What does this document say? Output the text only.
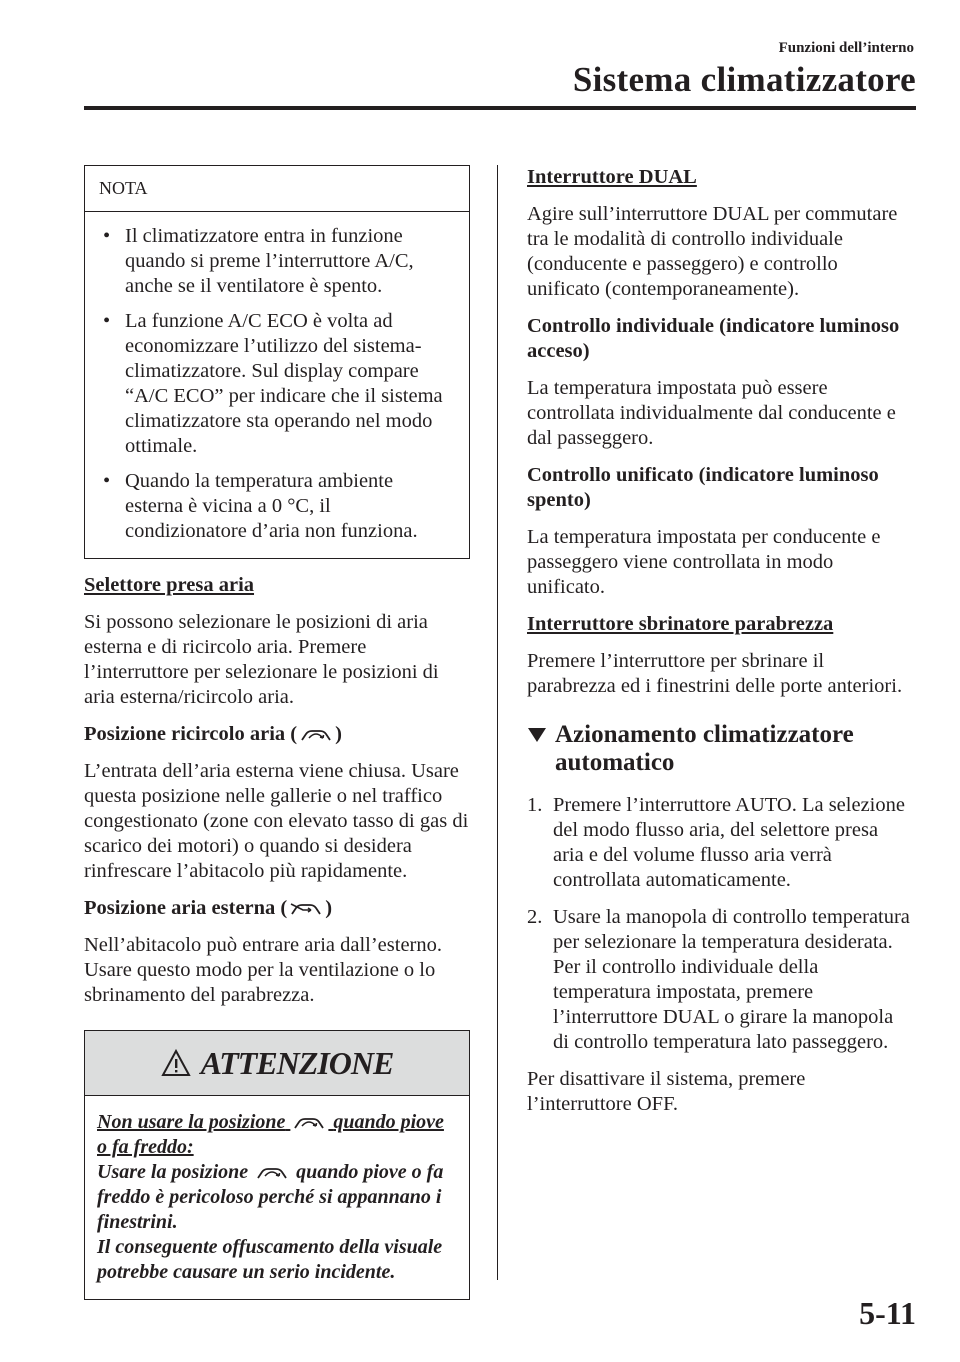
Funzioni dell’interno
Sistema climatizzatore
NOTA
• Il climatizzatore entra in funzione quando si preme l’interruttore A/C, anche se il ventilatore è spento.
• La funzione A/C ECO è volta ad economizzare l’utilizzo del sistema-climatizzatore. Sul display compare “A/C ECO” per indicare che il sistema climatizzatore sta operando nel modo ottimale.
• Quando la temperatura ambiente esterna è vicina a 0 °C, il condizionatore d’aria non funziona.

Selettore presa aria

Si possono selezionare le posizioni di aria esterna e di ricircolo aria. Premere l’interruttore per selezionare le posizioni di aria esterna/ricircolo aria.

Posizione ricircolo aria ( )

L’entrata dell’aria esterna viene chiusa. Usare questa posizione nelle gallerie o nel traffico congestionato (zone con elevato tasso di gas di scarico dei motori) o quando si desidera rinfrescare l’abitacolo più rapidamente.

Posizione aria esterna ( )

Nell’abitacolo può entrare aria dall’esterno. Usare questo modo per la ventilazione o lo sbrinamento del parabrezza.

ATTENZIONE
Non usare la posizione quando piove o fa freddo:
Usare la posizione quando piove o fa freddo è pericoloso perché si appannano i finestrini.
Il conseguente offuscamento della visuale potrebbe causare un serio incidente.

Interruttore DUAL

Agire sull’interruttore DUAL per commutare tra le modalità di controllo individuale (conducente e passeggero) e controllo unificato (contemporaneamente).

Controllo individuale (indicatore luminoso acceso)

La temperatura impostata può essere controllata individualmente dal conducente e dal passeggero.

Controllo unificato (indicatore luminoso spento)

La temperatura impostata per conducente e passeggero viene controllata in modo unificato.

Interruttore sbrinatore parabrezza

Premere l’interruttore per sbrinare il parabrezza ed i finestrini delle porte anteriori.

Azionamento climatizzatore automatico
1. Premere l’interruttore AUTO. La selezione del modo flusso aria, del selettore presa aria e del volume flusso aria verrà controllata automaticamente.
2. Usare la manopola di controllo temperatura per selezionare la temperatura desiderata. Per il controllo individuale della temperatura impostata, premere l’interruttore DUAL o girare la manopola di controllo temperatura lato passeggero.

Per disattivare il sistema, premere l’interruttore OFF.

5-11
